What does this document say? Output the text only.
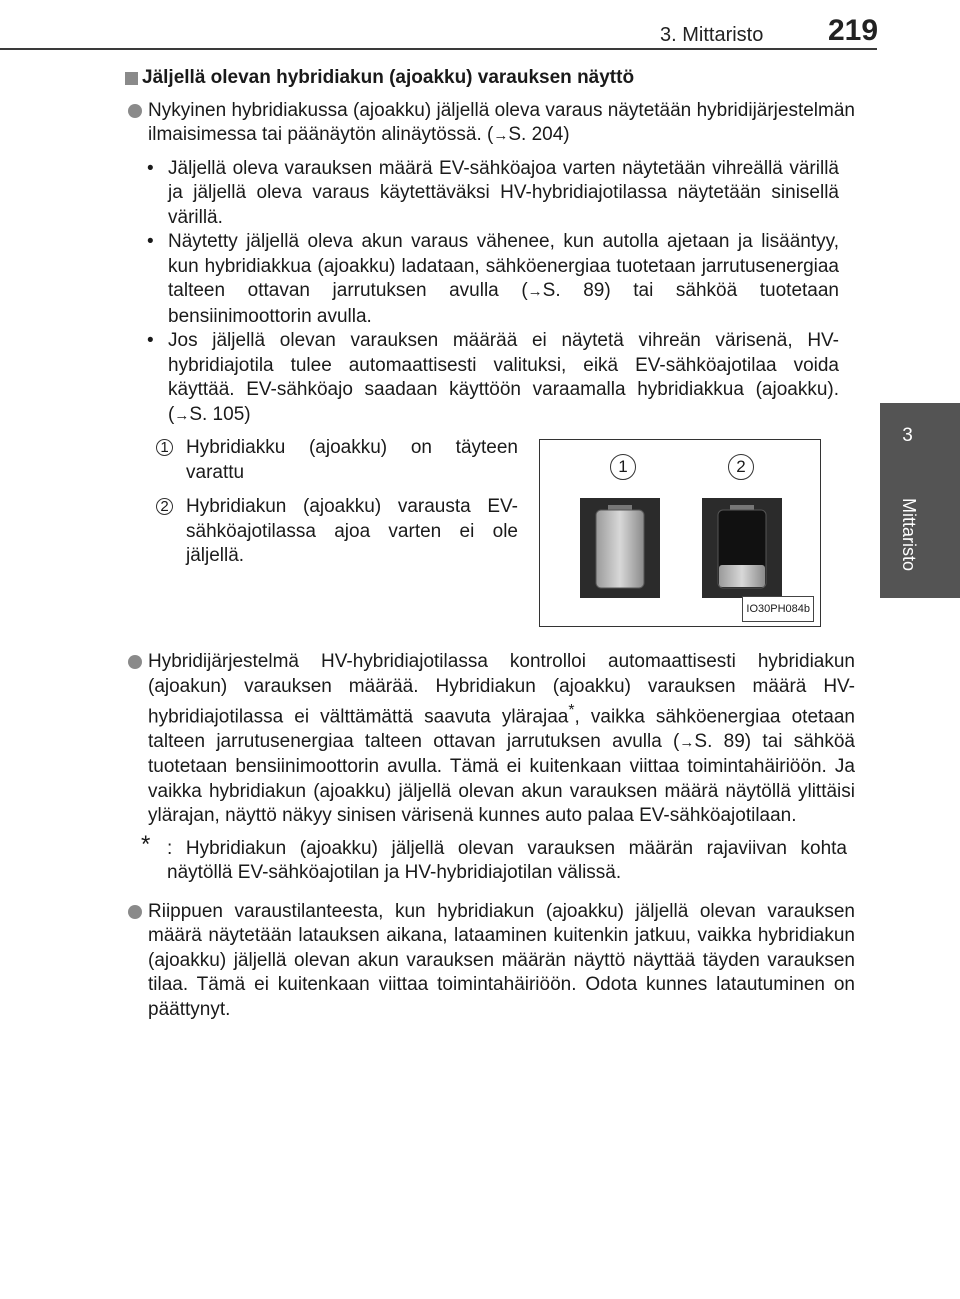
3. Mittaristo 219
3
Mittaristo
Jäljellä olevan hybridiakun (ajoakku) varauksen näyttö
Nykyinen hybridiakussa (ajoakku) jäljellä oleva varaus näytetään hybridijärjestelmän ilmaisimessa tai päänäytön alinäytössä. (→S. 204)
• Jäljellä oleva varauksen määrä EV-sähköajoa varten näytetään vihreällä värillä ja jäljellä oleva varaus käytettäväksi HV-hybridiajotilassa näytetään sinisellä värillä.
• Näytetty jäljellä oleva akun varaus vähenee, kun autolla ajetaan ja lisääntyy, kun hybridiakkua (ajoakku) ladataan, sähköenergiaa tuotetaan jarrutusenergiaa talteen ottavan jarrutuksen avulla (→S. 89) tai sähköä tuotetaan bensiinimoottorin avulla.
• Jos jäljellä olevan varauksen määrää ei näytetä vihreän värisenä, HV-hybridiajotila tulee automaattisesti valituksi, eikä EV-sähköajotilaa voida käyttää. EV-sähköajo saadaan käyttöön varaamalla hybridiakkua (ajoakku). (→S. 105)
1 Hybridiakku (ajoakku) on täyteen varattu
2 Hybridiakun (ajoakku) varausta EV-sähköajotilassa ajoa varten ei ole jäljellä.
1	2
IO30PH084b
Hybridijärjestelmä HV-hybridiajotilassa kontrolloi automaattisesti hybridiakun (ajoakun) varauksen määrää. Hybridiakun (ajoakku) varauksen määrä HV-hybridiajotilassa ei välttämättä saavuta ylärajaa*, vaikka sähköenergiaa otetaan talteen jarrutusenergiaa talteen ottavan jarrutuksen avulla (→S. 89) tai sähköä tuotetaan bensiinimoottorin avulla. Tämä ei kuitenkaan viittaa toimintahäiriöön. Ja vaikka hybridiakun (ajoakku) jäljellä olevan akun varauksen määrä näytöllä ylittäisi ylärajan, näyttö näkyy sinisen värisenä kunnes auto palaa EV-sähköajotilaan.
* : Hybridiakun (ajoakku) jäljellä olevan varauksen määrän rajaviivan kohta näytöllä EV-sähköajotilan ja HV-hybridiajotilan välissä.
Riippuen varaustilanteesta, kun hybridiakun (ajoakku) jäljellä olevan varauksen määrä näytetään latauksen aikana, lataaminen kuitenkin jatkuu, vaikka hybridiakun (ajoakku) jäljellä olevan akun varauksen määrän näyttö näyttää täyden varauksen tilaa. Tämä ei kuitenkaan viittaa toimintahäiriöön. Odota kunnes latautuminen on päättynyt.
